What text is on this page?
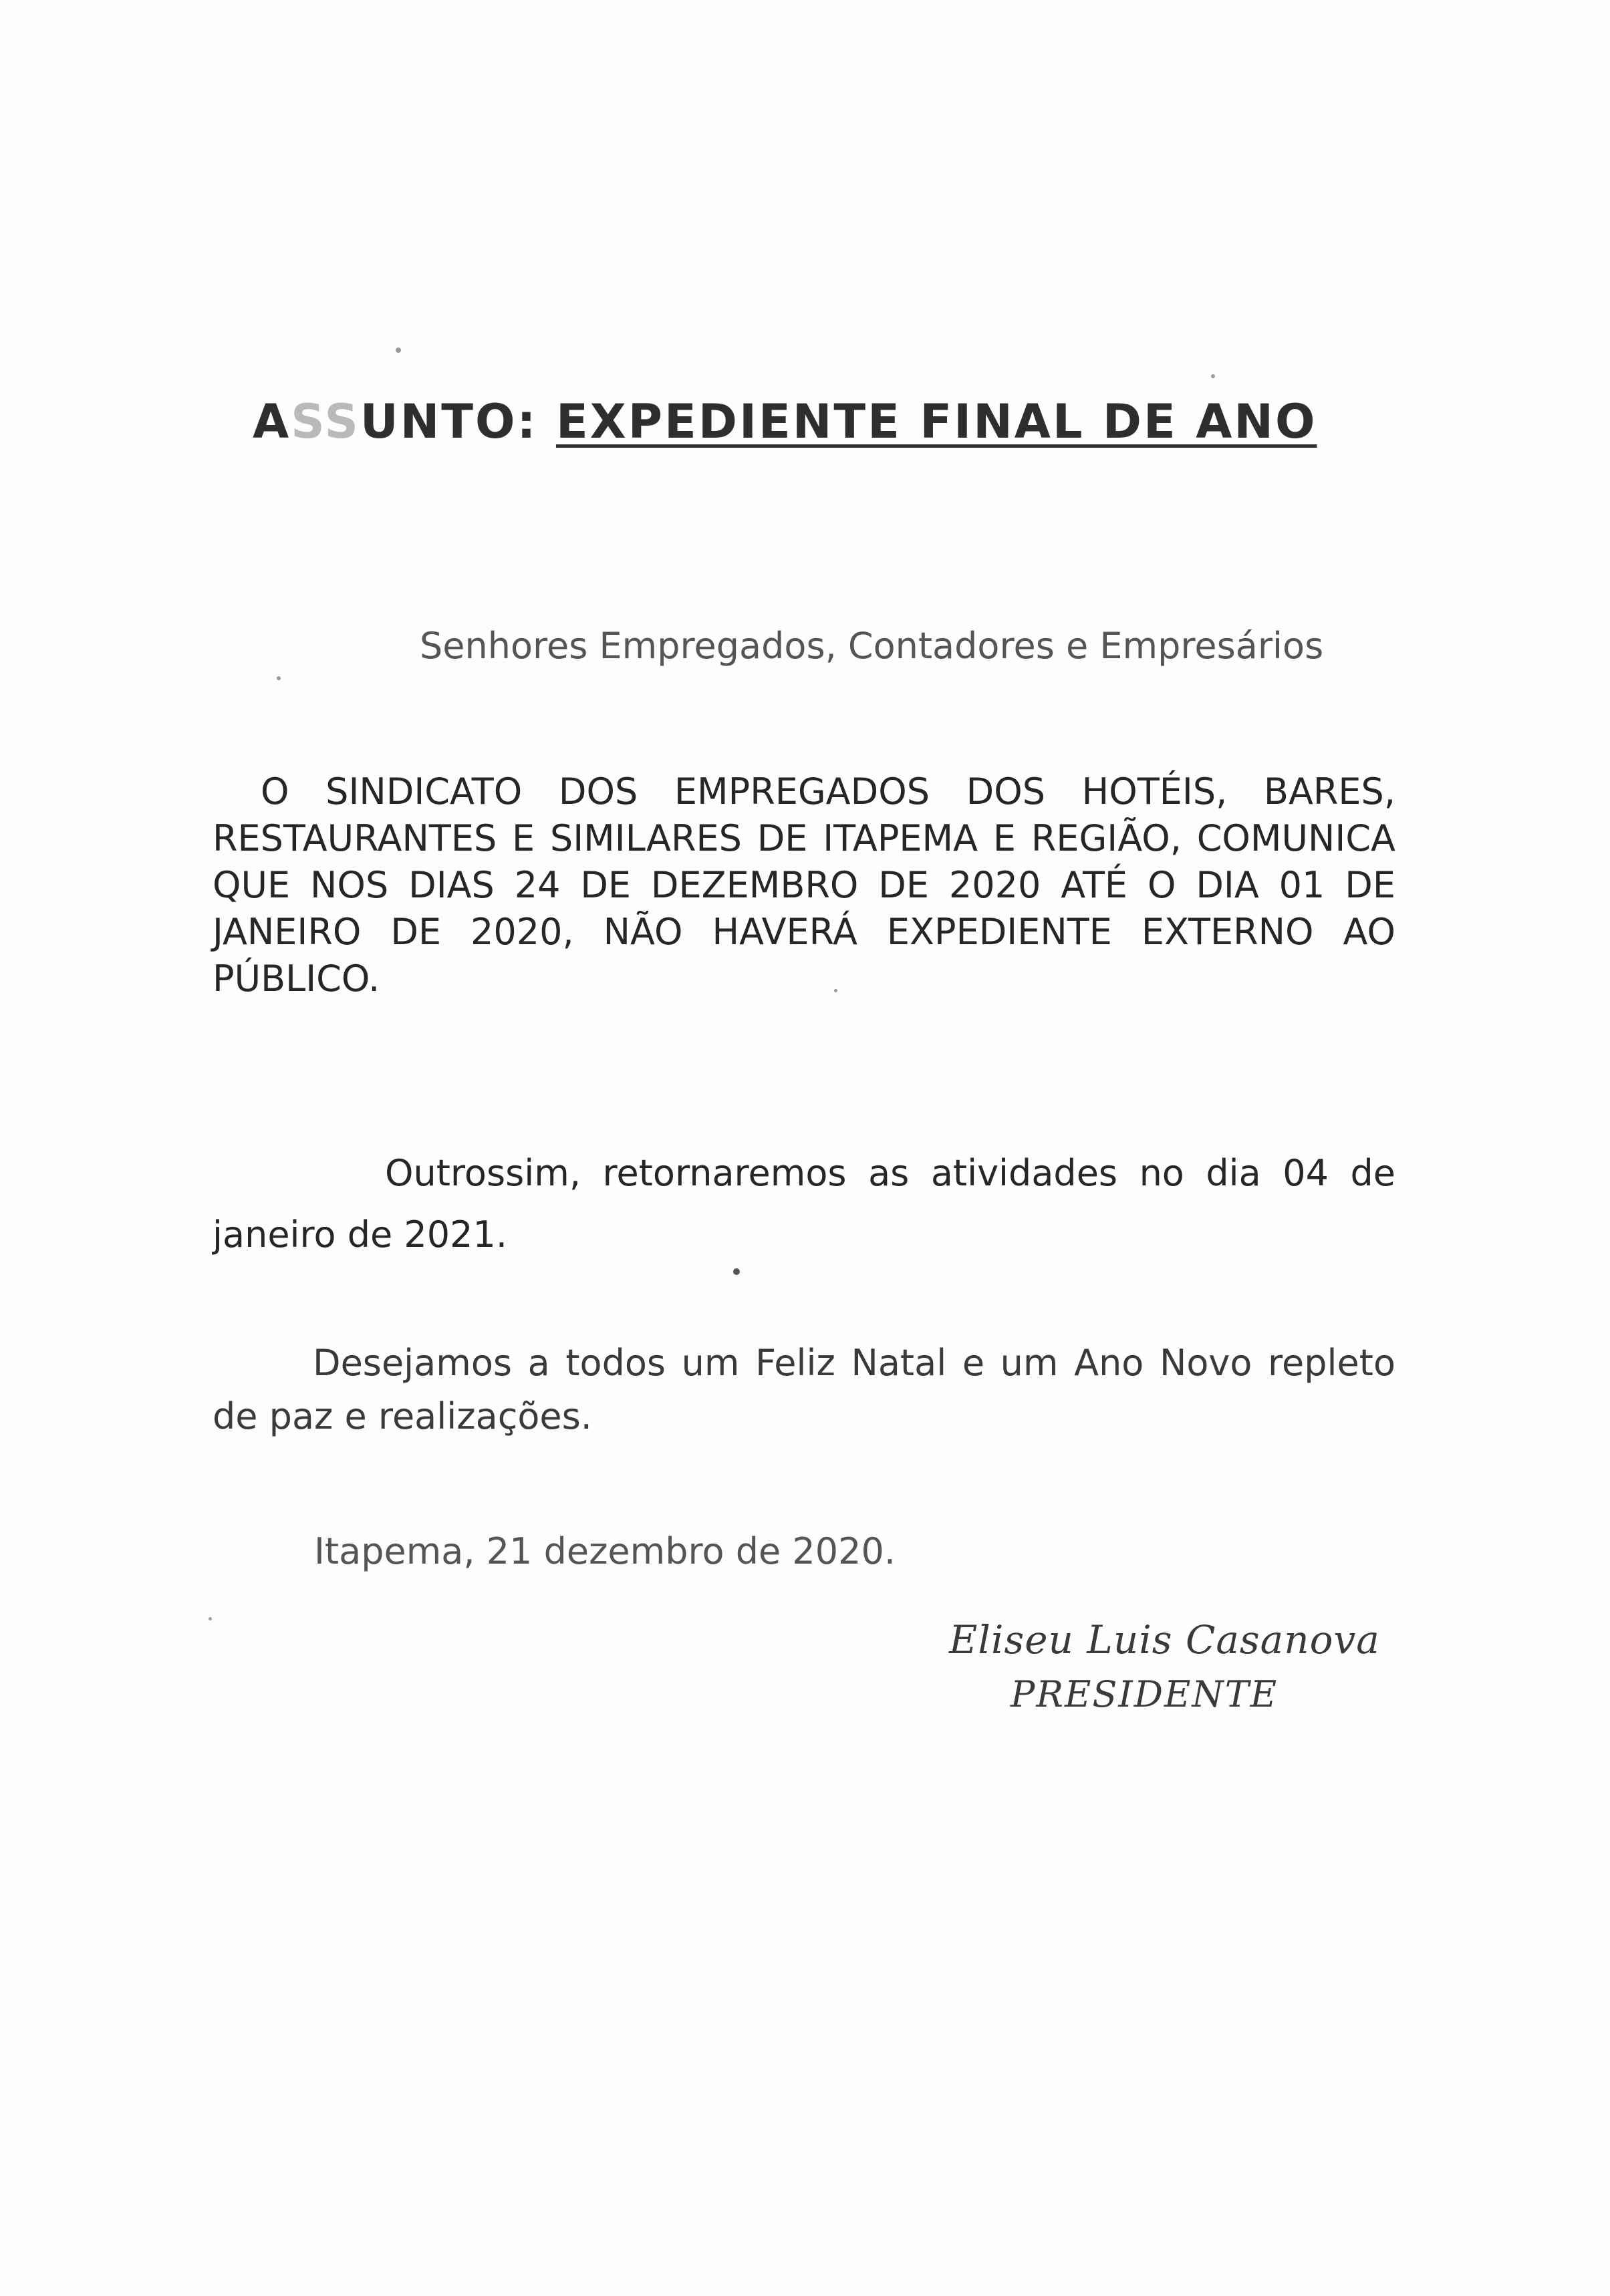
ASSUNTO: EXPEDIENTE FINAL DE ANO
Senhores Empregados, Contadores e Empresários
O SINDICATO DOS EMPREGADOS DOS HOTÉIS, BARES, RESTAURANTES E SIMILARES DE ITAPEMA E REGIÃO, COMUNICA QUE NOS DIAS 24 DE DEZEMBRO DE 2020 ATÉ O DIA 01 DE JANEIRO DE 2020, NÃO HAVERÁ EXPEDIENTE EXTERNO AO PÚBLICO.
Outrossim, retornaremos as atividades no dia 04 de janeiro de 2021.
Desejamos a todos um Feliz Natal e um Ano Novo repleto de paz e realizações.
Itapema, 21 dezembro de 2020.
Eliseu Luis Casanova
PRESIDENTE
